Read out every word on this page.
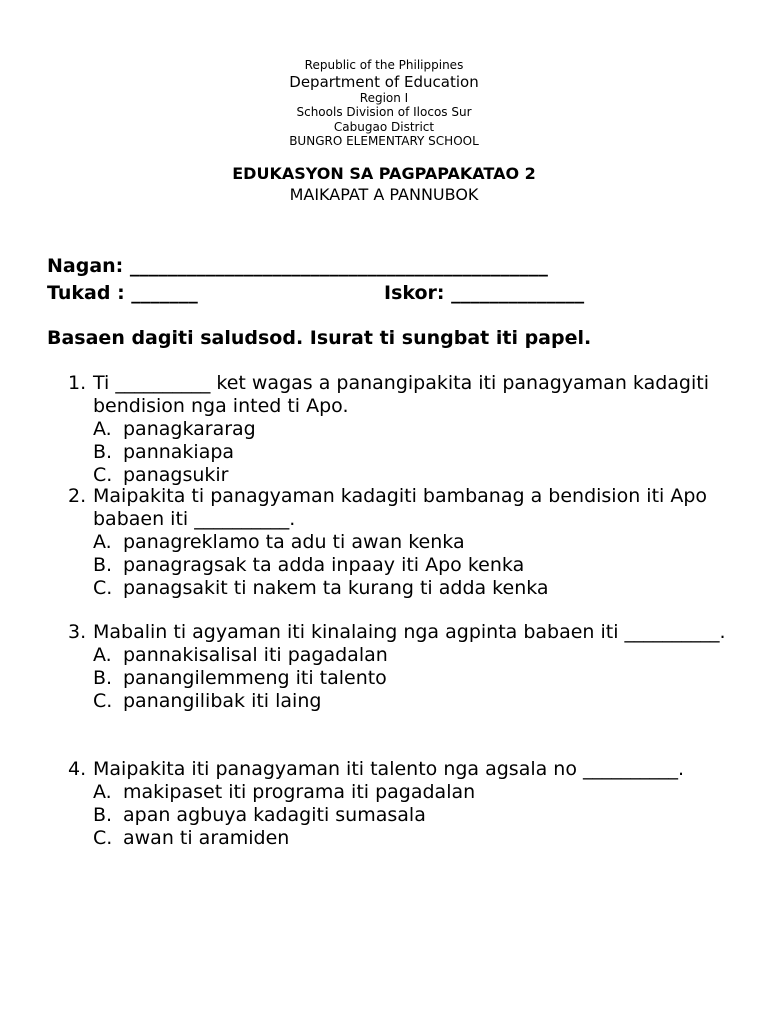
Republic of the Philippines
Department of Education
Region I
Schools Division of Ilocos Sur
Cabugao District
BUNGRO ELEMENTARY SCHOOL
EDUKASYON SA PAGPAPAKATAO 2
MAIKAPAT A PANNUBOK
Nagan: ____________________________________________
Tukad : _______	Iskor: ______________
Basaen dagiti saludsod. Isurat ti sungbat iti papel.
1. Ti __________ ket wagas a panangipakita iti panagyaman kadagiti bendision nga inted ti Apo.
A. panagkararag
B. pannakiapa
C. panagsukir
2. Maipakita ti panagyaman kadagiti bambanag a bendision iti Apo babaen iti __________.
A. panagreklamo ta adu ti awan kenka
B. panagragsak ta adda inpaay iti Apo kenka
C. panagsakit ti nakem ta kurang ti adda kenka
3. Mabalin ti agyaman iti kinalaing nga agpinta babaen iti __________.
A. pannakisalisal iti pagadalan
B. panangilemmeng iti talento
C. panangilibak iti laing
4. Maipakita iti panagyaman iti talento nga agsala no __________.
A. makipaset iti programa iti pagadalan
B. apan agbuya kadagiti sumasala
C. awan ti aramiden
